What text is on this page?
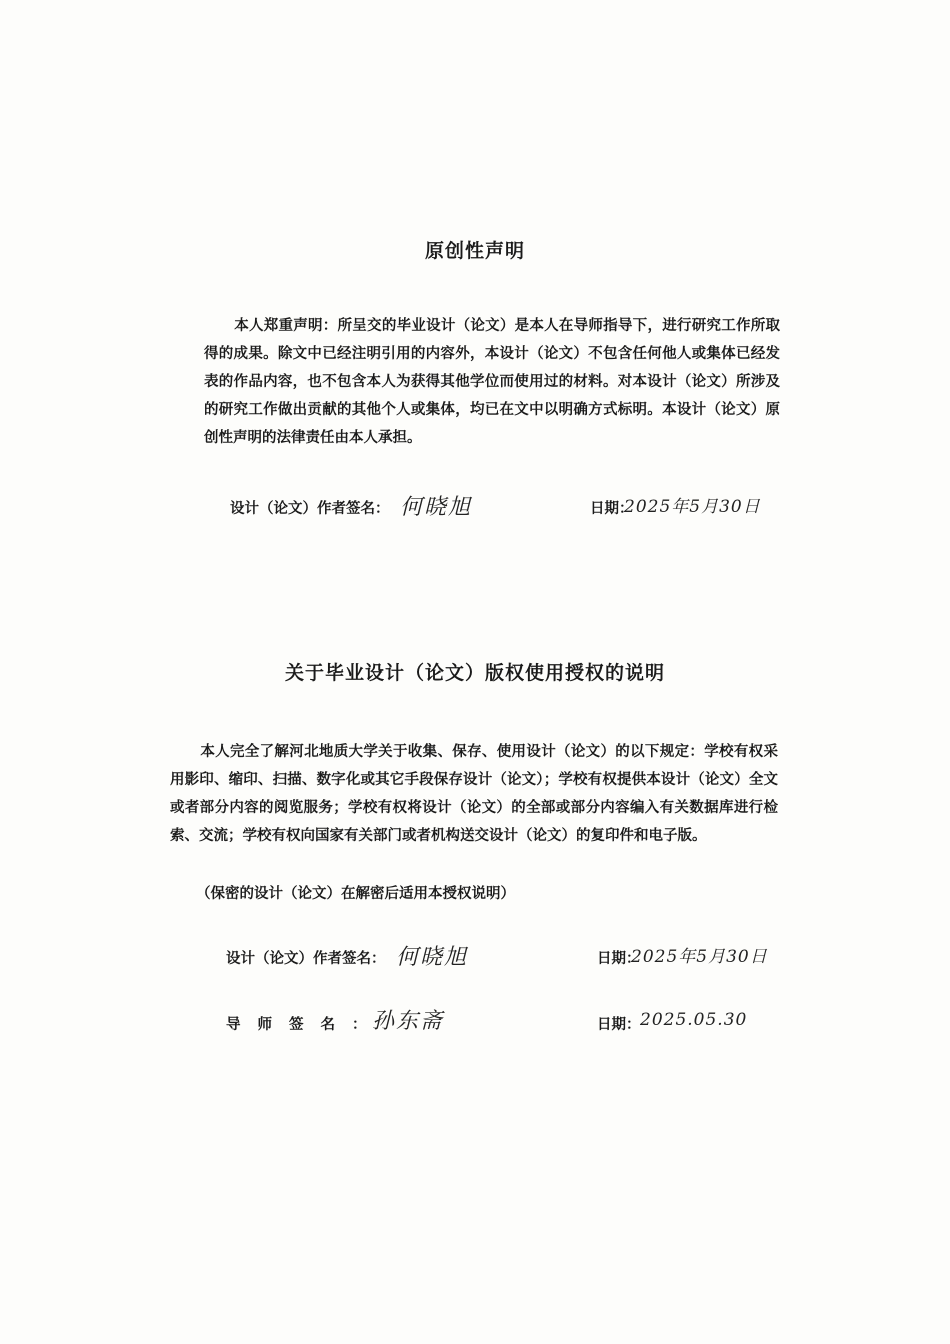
原创性声明

本人郑重声明：所呈交的毕业设计（论文）是本人在导师指导下，进行研究工作所取得的成果。除文中已经注明引用的内容外，本设计（论文）不包含任何他人或集体已经发表的作品内容，也不包含本人为获得其他学位而使用过的材料。对本设计（论文）所涉及的研究工作做出贡献的其他个人或集体，均已在文中以明确方式标明。本设计（论文）原创性声明的法律责任由本人承担。

设计（论文）作者签名： 何晓旭	日期：
2025年5月30日
关于毕业设计（论文）版权使用授权的说明

本人完全了解河北地质大学关于收集、保存、使用设计（论文）的以下规定：学校有权采用影印、缩印、扫描、数字化或其它手段保存设计（论文）；学校有权提供本设计（论文）全文或者部分内容的阅览服务；学校有权将设计（论文）的全部或部分内容编入有关数据库进行检索、交流；学校有权向国家有关部门或者机构送交设计（论文）的复印件和电子版。

（保密的设计（论文）在解密后适用本授权说明）

设计（论文）作者签名： 何晓旭	日期：
2025年5月30日
导师签名：
孙东斋	日期： 2025.05.30
